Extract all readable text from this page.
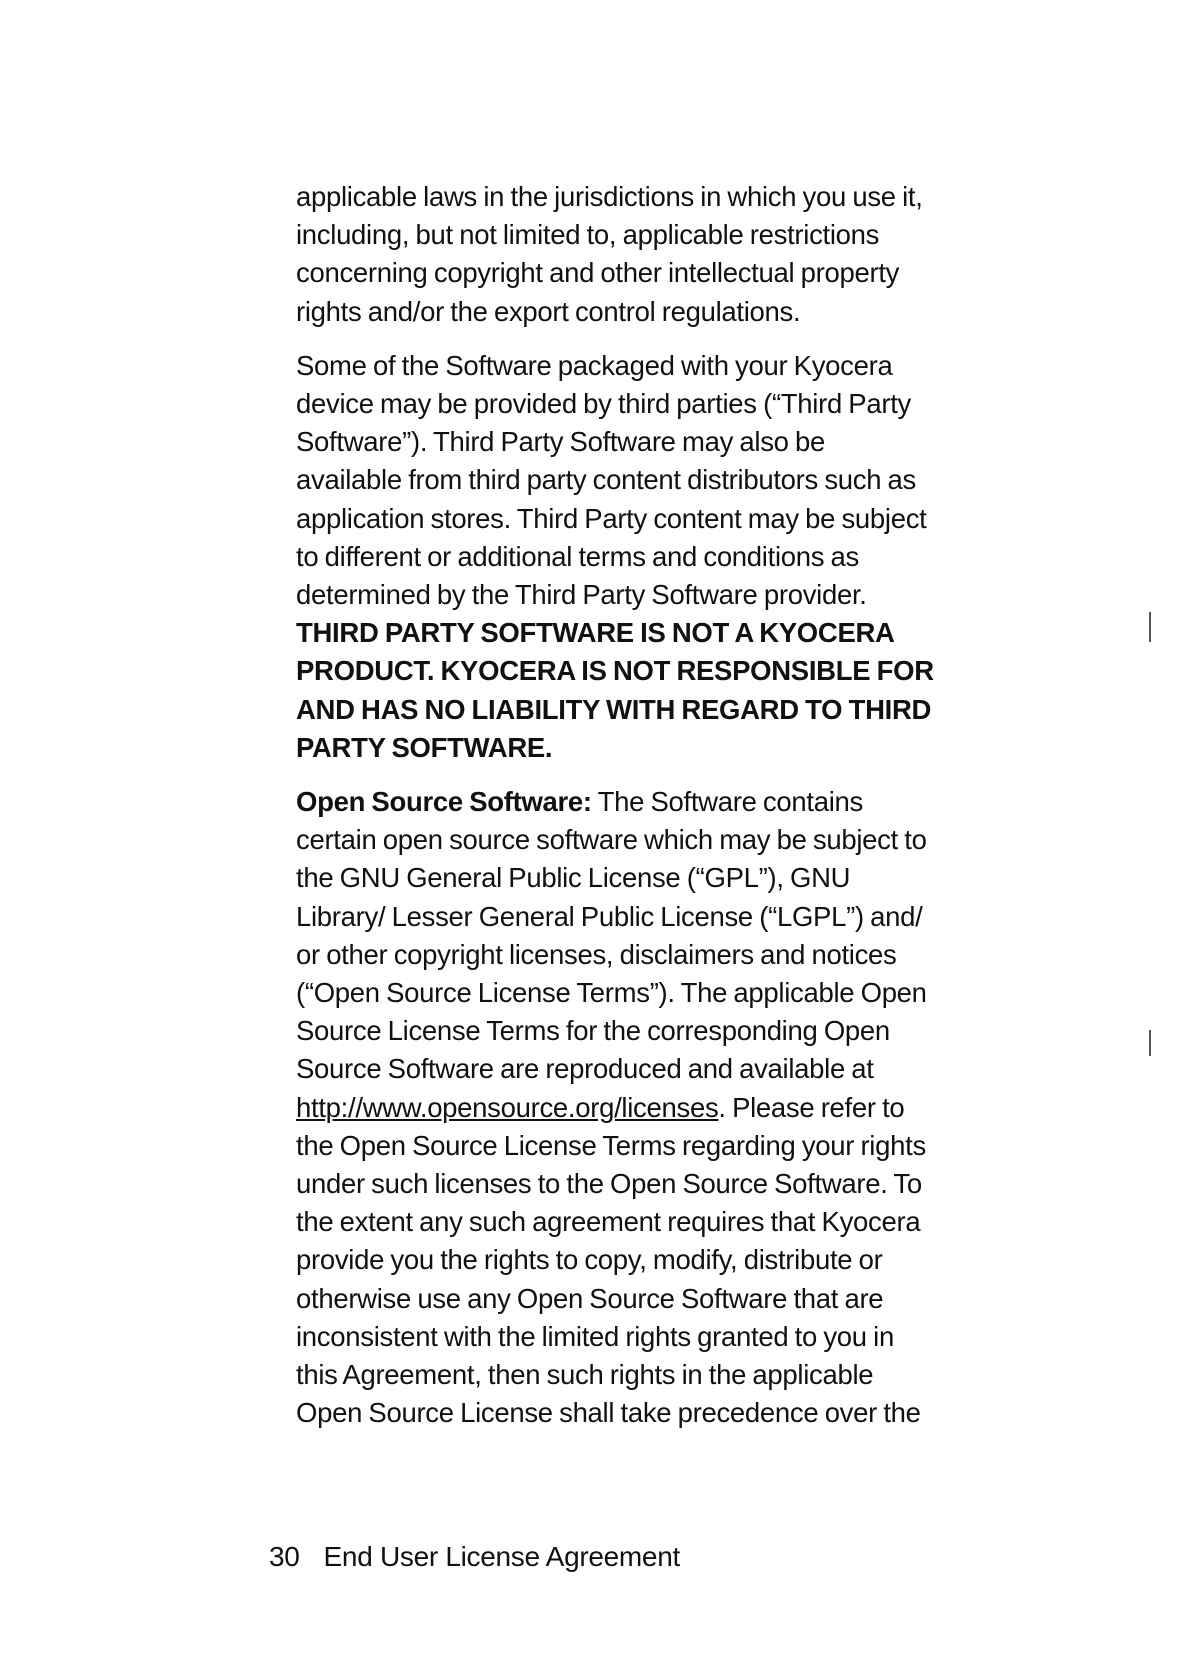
applicable laws in the jurisdictions in which you use it, including, but not limited to, applicable restrictions concerning copyright and other intellectual property rights and/or the export control regulations.

Some of the Software packaged with your Kyocera device may be provided by third parties (“Third Party Software”). Third Party Software may also be available from third party content distributors such as application stores. Third Party content may be subject to different or additional terms and conditions as determined by the Third Party Software provider. THIRD PARTY SOFTWARE IS NOT A KYOCERA PRODUCT. KYOCERA IS NOT RESPONSIBLE FOR AND HAS NO LIABILITY WITH REGARD TO THIRD PARTY SOFTWARE.

Open Source Software: The Software contains certain open source software which may be subject to the GNU General Public License (“GPL”), GNU Library/ Lesser General Public License (“LGPL”) and/ or other copyright licenses, disclaimers and notices (“Open Source License Terms”). The applicable Open Source License Terms for the corresponding Open Source Software are reproduced and available at http://www.opensource.org/licenses. Please refer to the Open Source License Terms regarding your rights under such licenses to the Open Source Software. To the extent any such agreement requires that Kyocera provide you the rights to copy, modify, distribute or otherwise use any Open Source Software that are inconsistent with the limited rights granted to you in this Agreement, then such rights in the applicable Open Source License shall take precedence over the

30 End User License Agreement
